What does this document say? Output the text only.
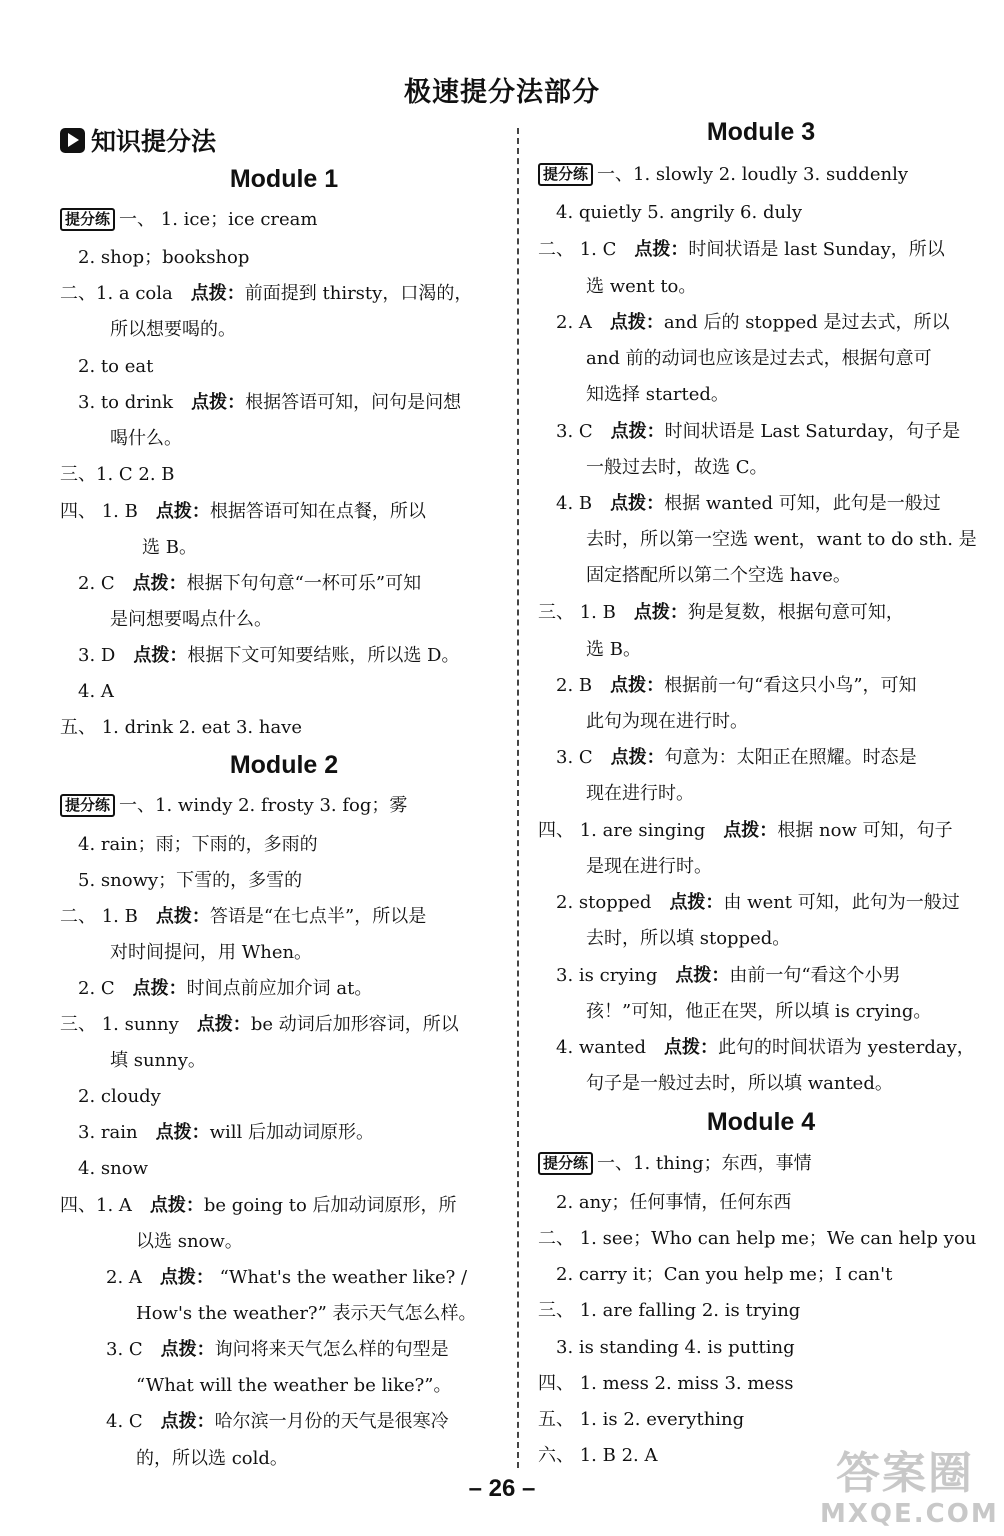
极速提分法部分
知识提分法
Module 1
Module 2
提分练 一、 1. ice；ice cream
2. shop；bookshop
二、1. a cola 点拨：前面提到 thirsty，口渴的，
所以想要喝的。
2. to eat
3. to drink 点拨：根据答语可知，问句是问想
喝什么。
三、1. C 2. B
四、 1. B 点拨：根据答语可知在点餐，所以
选 B。
2. C 点拨：根据下句句意“一杯可乐”可知
是问想要喝点什么。
3. D 点拨：根据下文可知要结账，所以选 D。
4. A
五、 1. drink 2. eat 3. have
提分练 一、1. windy 2. frosty 3. fog；雾
4. rain；雨；下雨的，多雨的
5. snowy；下雪的，多雪的
二、 1. B 点拨：答语是“在七点半”，所以是
对时间提问，用 When。
2. C 点拨：时间点前应加介词 at。
三、 1. sunny 点拨：be 动词后加形容词，所以
填 sunny。
2. cloudy
3. rain 点拨：will 后加动词原形。
4. snow
四、1. A 点拨：be going to 后加动词原形，所
以选 snow。
2. A 点拨： “What's the weather like? /
How's the weather?” 表示天气怎么样。
3. C 点拨：询问将来天气怎么样的句型是
“What will the weather be like?”。
4. C 点拨：哈尔滨一月份的天气是很寒冷
的，所以选 cold。
Module 3
Module 4
提分练 一、1. slowly 2. loudly 3. suddenly
4. quietly 5. angrily 6. duly
二、 1. C 点拨：时间状语是 last Sunday，所以
选 went to。
2. A 点拨：and 后的 stopped 是过去式，所以
and 前的动词也应该是过去式，根据句意可
知选择 started。
3. C 点拨：时间状语是 Last Saturday，句子是
一般过去时，故选 C。
4. B 点拨：根据 wanted 可知，此句是一般过
去时，所以第一空选 went，want to do sth. 是
固定搭配所以第二个空选 have。
三、 1. B 点拨：狗是复数，根据句意可知，
选 B。
2. B 点拨：根据前一句“看这只小鸟”，可知
此句为现在进行时。
3. C 点拨：句意为：太阳正在照耀。时态是
现在进行时。
四、 1. are singing 点拨：根据 now 可知，句子
是现在进行时。
2. stopped 点拨：由 went 可知，此句为一般过
去时，所以填 stopped。
3. is crying 点拨：由前一句“看这个小男
孩！”可知，他正在哭，所以填 is crying。
4. wanted 点拨：此句的时间状语为 yesterday，
句子是一般过去时，所以填 wanted。
提分练 一、1. thing；东西，事情
2. any；任何事情，任何东西
二、 1. see；Who can help me；We can help you
2. carry it；Can you help me；I can't
三、 1. are falling 2. is trying
3. is standing 4. is putting
四、 1. mess 2. miss 3. mess
五、 1. is 2. everything
六、 1. B 2. A
– 26 –	答案圈
MXQE.COM
